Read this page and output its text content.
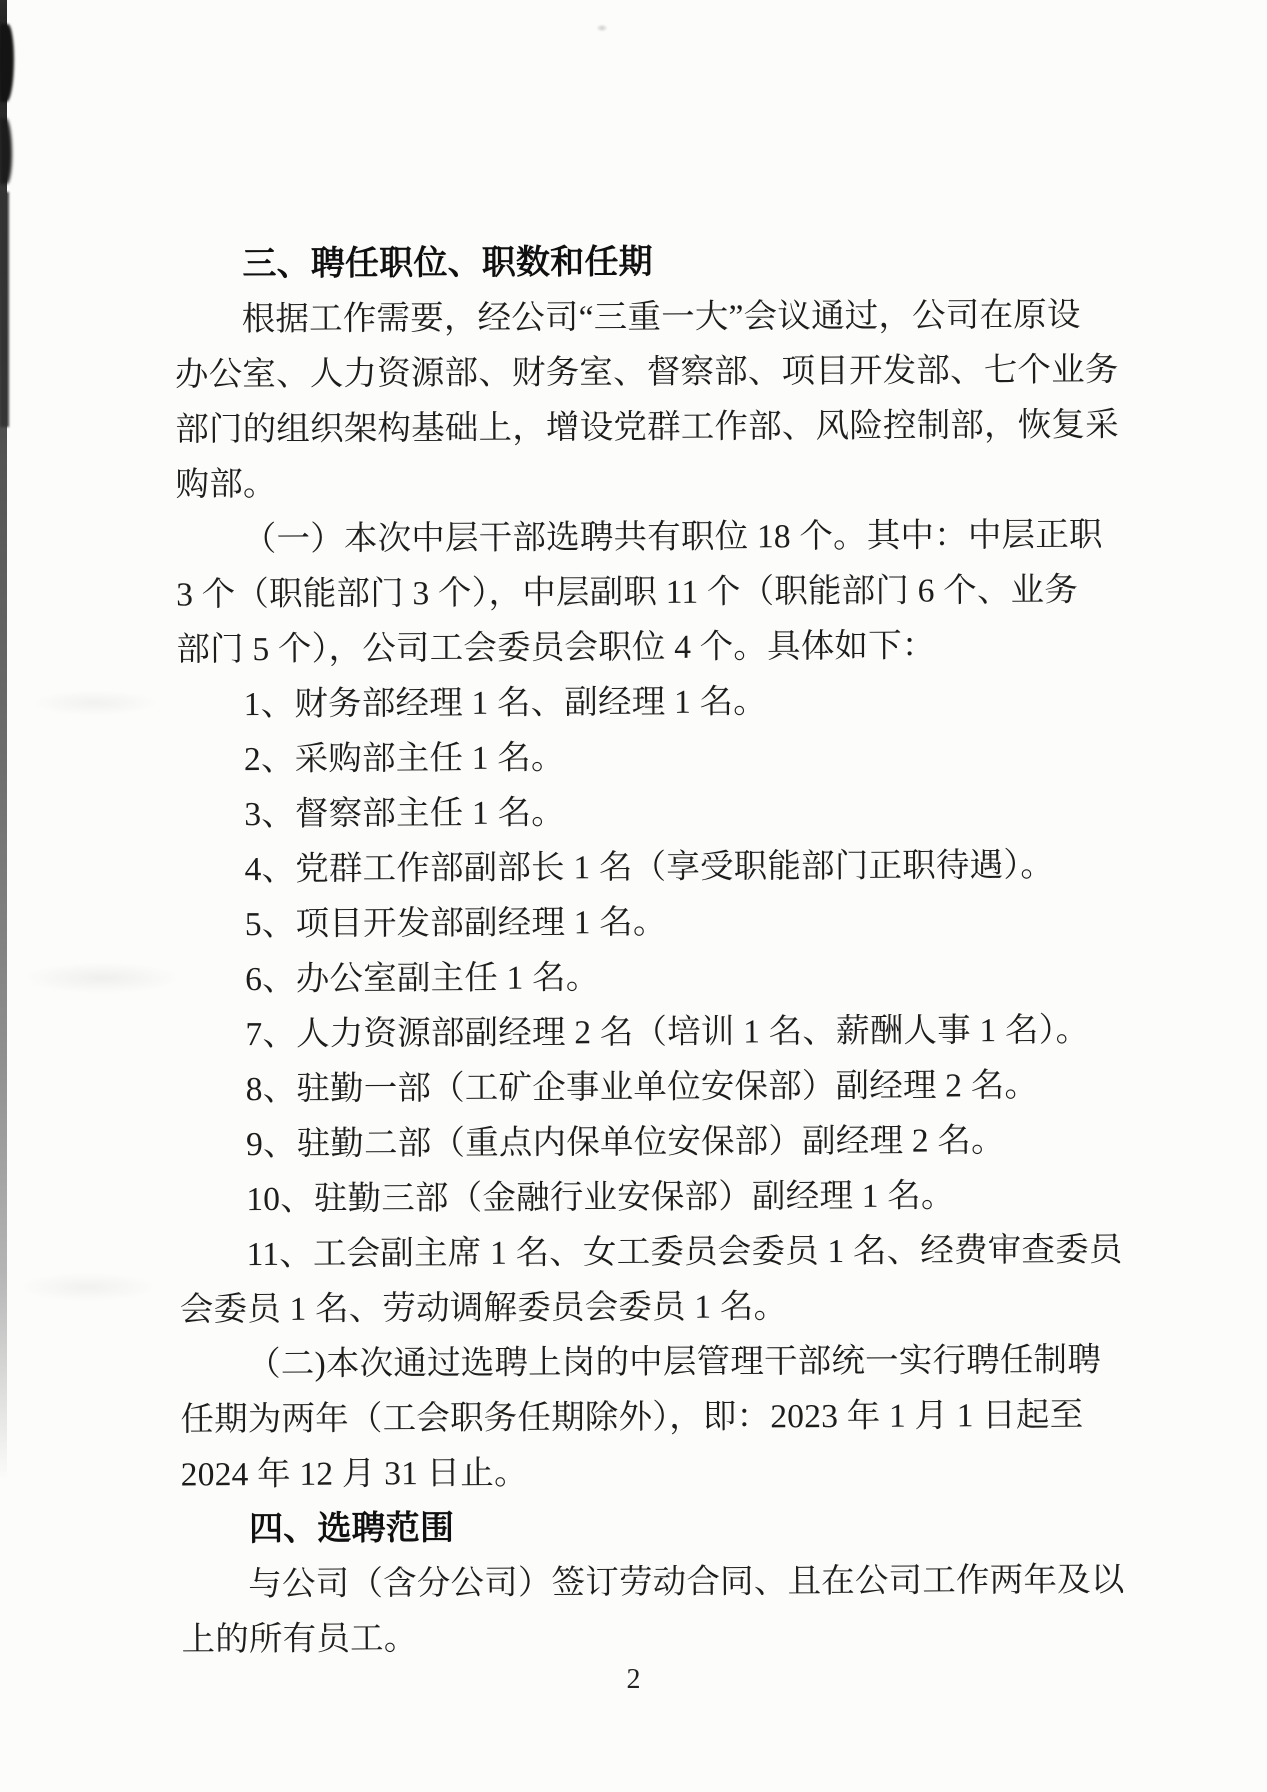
三、聘任职位、职数和任期
根据工作需要，经公司“三重一大”会议通过，公司在原设
办公室、人力资源部、财务室、督察部、项目开发部、七个业务
部门的组织架构基础上，增设党群工作部、风险控制部，恢复采
购部。
（一）本次中层干部选聘共有职位 18 个。其中：中层正职
3 个（职能部门 3 个），中层副职 11 个（职能部门 6 个、业务
部门 5 个），公司工会委员会职位 4 个。具体如下：
1、财务部经理 1 名、副经理 1 名。
2、采购部主任 1 名。
3、督察部主任 1 名。
4、党群工作部副部长 1 名（享受职能部门正职待遇）。
5、项目开发部副经理 1 名。
6、办公室副主任 1 名。
7、人力资源部副经理 2 名（培训 1 名、薪酬人事 1 名）。
8、驻勤一部（工矿企事业单位安保部）副经理 2 名。
9、驻勤二部（重点内保单位安保部）副经理 2 名。
10、驻勤三部（金融行业安保部）副经理 1 名。
11、工会副主席 1 名、女工委员会委员 1 名、经费审查委员
会委员 1 名、劳动调解委员会委员 1 名。
（二)本次通过选聘上岗的中层管理干部统一实行聘任制聘
任期为两年（工会职务任期除外），即：2023 年 1 月 1 日起至
2024 年 12 月 31 日止。
四、选聘范围
与公司（含分公司）签订劳动合同、且在公司工作两年及以
上的所有员工。
2
